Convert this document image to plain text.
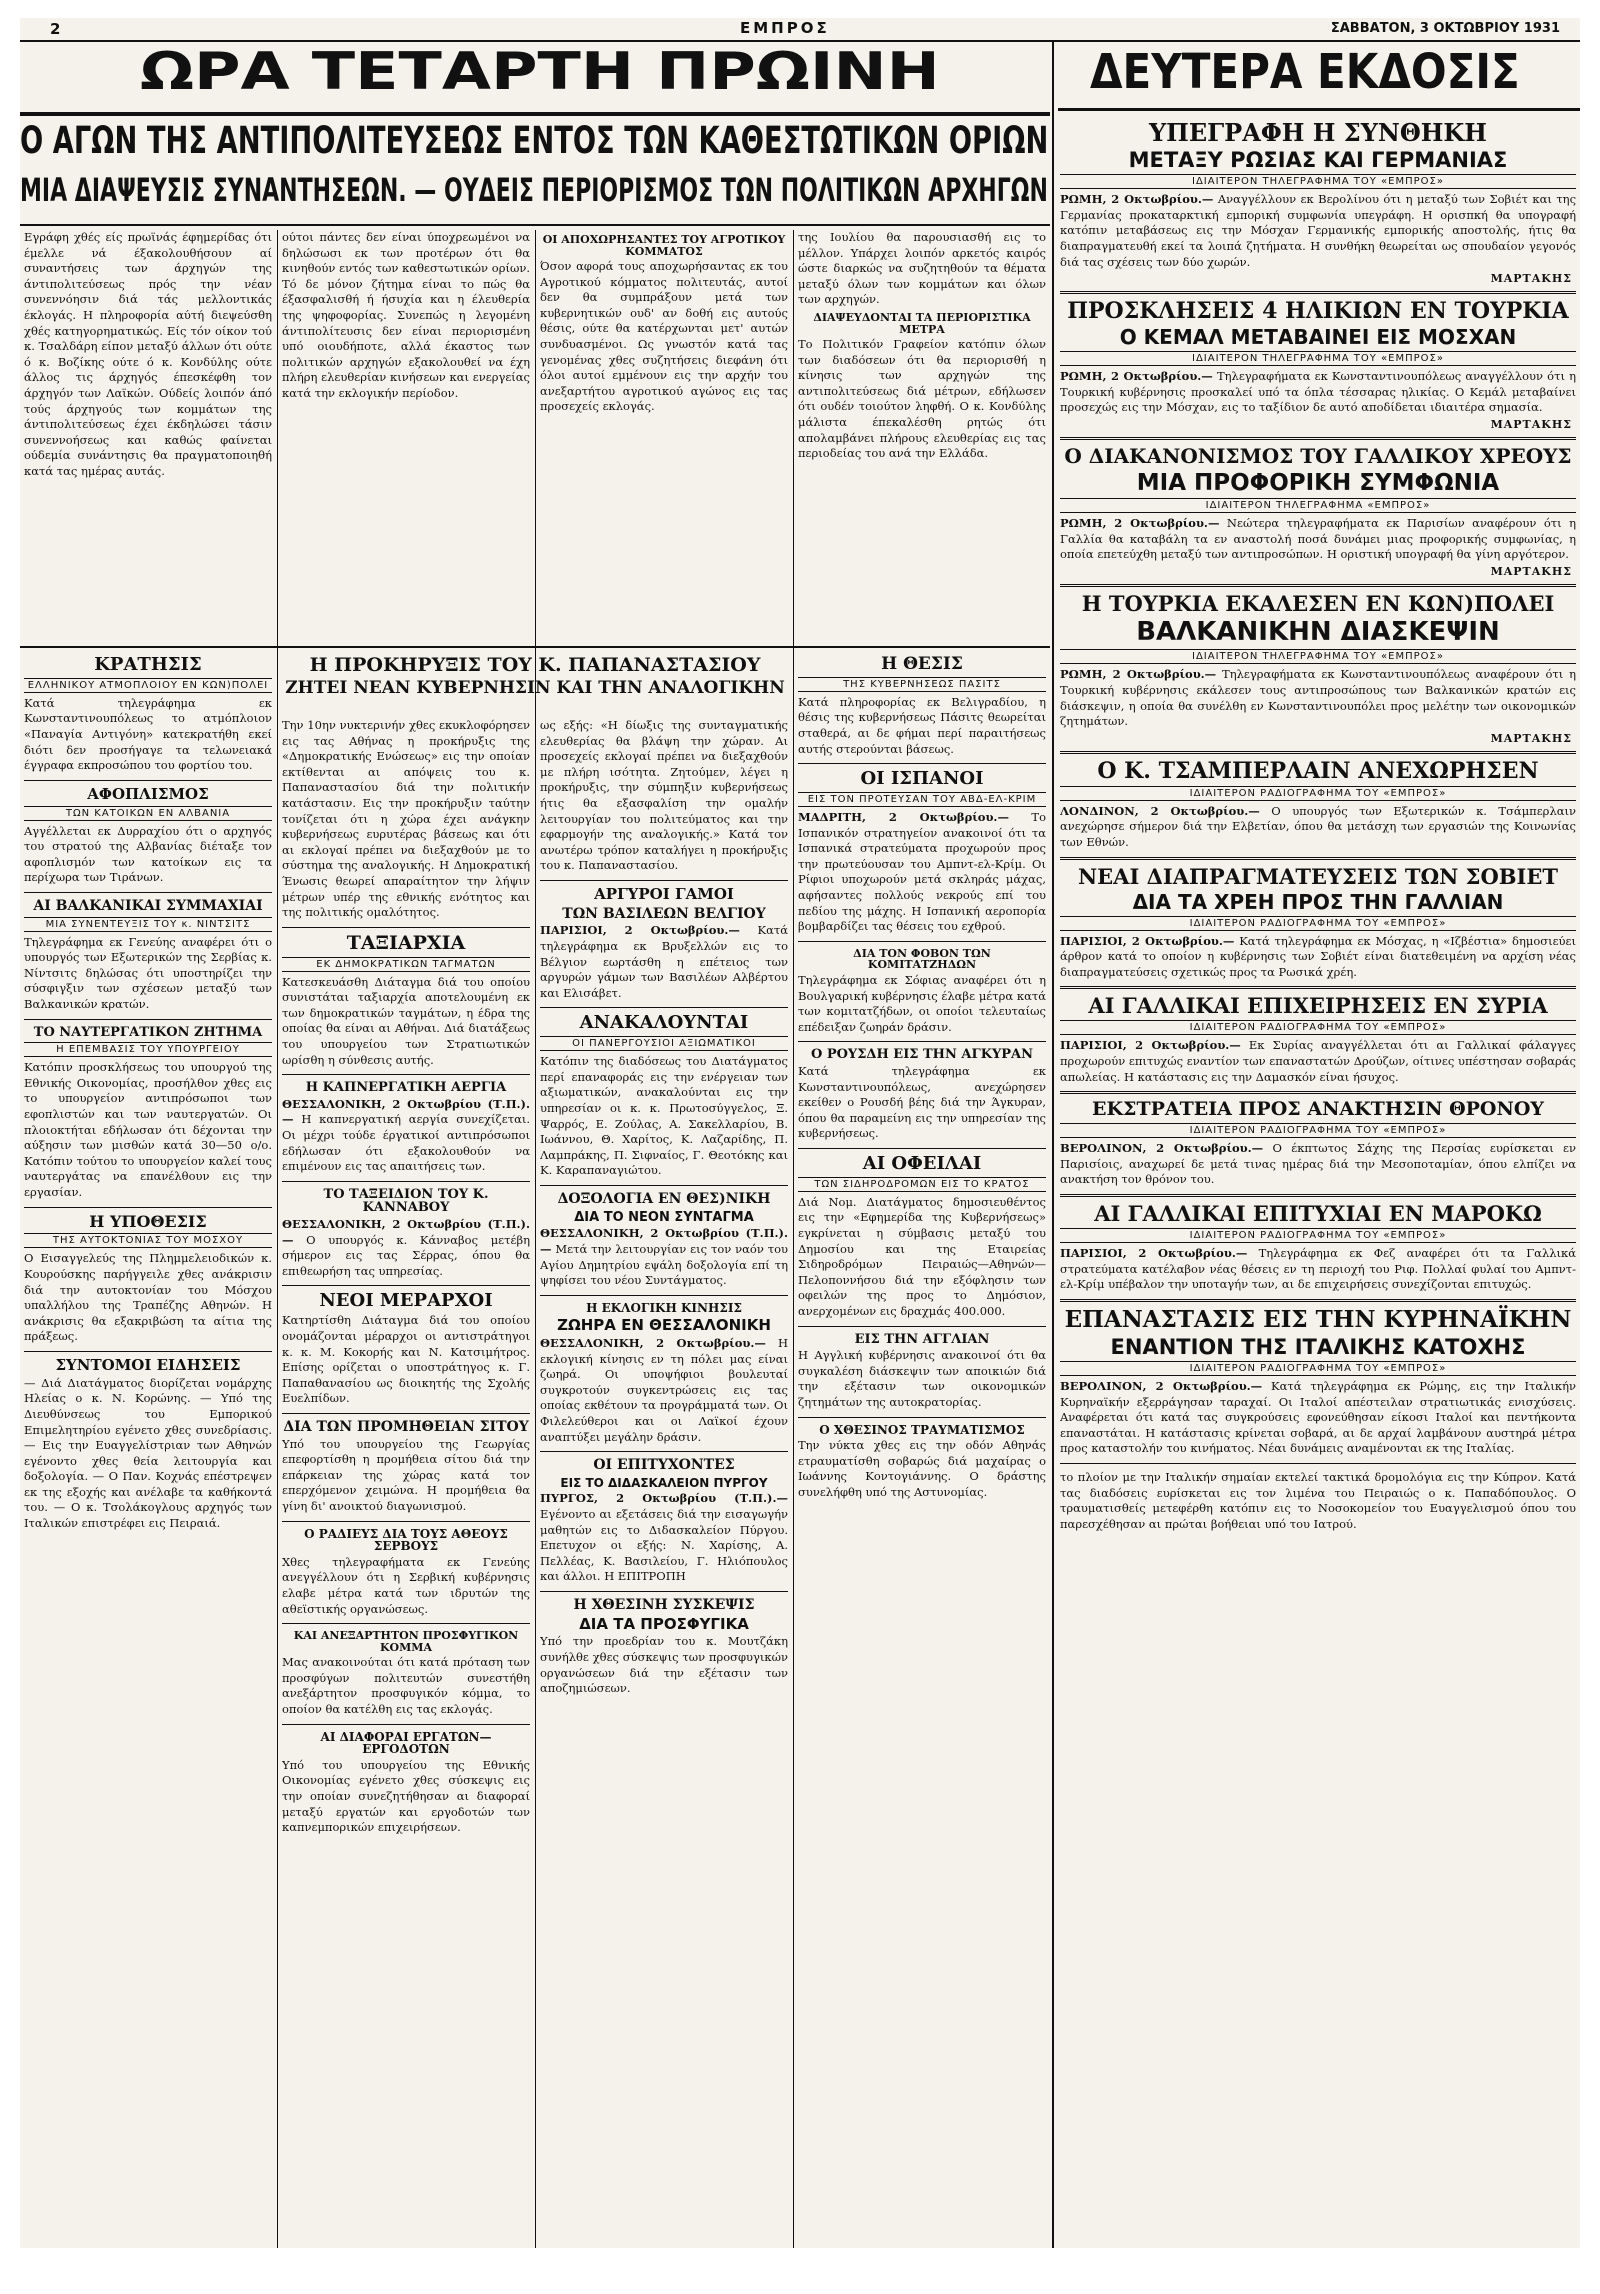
2	ΕΜΠΡΟΣ	ΣΑΒΒΑΤΟΝ, 3 ΟΚΤΩΒΡΙΟΥ 1931
ΩΡΑ ΤΕΤΑΡΤΗ ΠΡΩΙΝΗ	ΔΕΥΤΕΡΑ ΕΚΔΟΣΙΣ
Ο ΑΓΩΝ ΤΗΣ ΑΝΤΙΠΟΛΙΤΕΥΣΕΩΣ ΕΝΤΟΣ ΤΩΝ ΚΑΘΕΣΤΩΤΙΚΩΝ ΟΡΙΩΝ
ΜΙΑ ΔΙΑΨΕΥΣΙΣ ΣΥΝΑΝΤΗΣΕΩΝ. — ΟΥΔΕΙΣ ΠΕΡΙΟΡΙΣΜΟΣ ΤΩΝ ΠΟΛΙΤΙΚΩΝ ΑΡΧΗΓΩΝ

Εγράφη χθές είς πρωϊνάς έφημερίδας ότι έμελλε νά έξακολουθήσουν αί συναντήσεις των άρχηγών της άντιπολιτεύσεως πρός την νέαν συνεννόησιν διά τάς μελλοντικάς έκλογάς. Η πληροφορία αύτή διεψεύσθη χθές κατηγορηματικώς. Είς τόν οίκον τού κ. Τσαλδάρη είπον μεταξύ άλλων ότι ούτε ό κ. Βοζίκης ούτε ό κ. Κονδύλης ούτε άλλος τις άρχηγός έπεσκέφθη τον άρχηγόν των Λαϊκών. Ούδείς λοιπόν άπό τούς άρχηγούς των κομμάτων της άντιπολιτεύσεως έχει έκδηλώσει τάσιν συνεννοήσεως και καθώς φαίνεται ούδεμία συνάντησις θα πραγματοποιηθή κατά τας ημέρας αυτάς.

ούτοι πάντες δεν είναι ύποχρεωμένοι να δηλώσωσι εκ των προτέρων ότι θα κινηθούν εντός των καθεστωτικών ορίων. Τό δε μόνον ζήτημα είναι το πώς θα έξασφαλισθή ή ήσυχία και η έλευθερία της ψηφοφορίας. Συνεπώς η λεγομένη άντιπολίτευσις δεν είναι περιορισμένη υπό οιουδήποτε, αλλά έκαστος των πολιτικών αρχηγών εξακολουθεί να έχη πλήρη ελευθερίαν κινήσεων και ενεργείας κατά την εκλογικήν περίοδον.

ΟΙ ΑΠΟΧΩΡΗΣΑΝΤΕΣ ΤΟΥ ΑΓΡΟΤΙΚΟΥ ΚΟΜΜΑΤΟΣ

Όσον αφορά τους αποχωρήσαντας εκ του Αγροτικού κόμματος πολιτευτάς, αυτοί δεν θα συμπράξουν μετά των κυβερνητικών ουδ' αν δοθή εις αυτούς θέσις, ούτε θα κατέρχωνται μετ' αυτών συνδυασμένοι. Ως γνωστόν κατά τας γενομένας χθες συζητήσεις διεφάνη ότι όλοι αυτοί εμμένουν εις την αρχήν του ανεξαρτήτου αγροτικού αγώνος εις τας προσεχείς εκλογάς.

της Ιουλίου θα παρουσιασθή εις το μέλλον. Υπάρχει λοιπόν αρκετός καιρός ώστε διαρκώς να συζητηθούν τα θέματα μεταξύ όλων των κομμάτων και όλων των αρχηγών.

ΔΙΑΨΕΥΔΟΝΤΑΙ ΤΑ ΠΕΡΙΟΡΙΣΤΙΚΑ ΜΕΤΡΑ

Το Πολιτικόν Γραφείον κατόπιν όλων των διαδόσεων ότι θα περιορισθή η κίνησις των αρχηγών της αντιπολιτεύσεως διά μέτρων, εδήλωσεν ότι ουδέν τοιούτον ληφθή. Ο κ. Κονδύλης μάλιστα έπεκαλέσθη ρητώς ότι απολαμβάνει πλήρους ελευθερίας εις τας περιοδείας του ανά την Ελλάδα.

ΚΡΑΤΗΣΙΣ
ΕΛΛΗΝΙΚΟΥ ΑΤΜΟΠΛΟΙΟΥ ΕΝ ΚΩΝ)ΠΟΛΕΙ

Κατά τηλεγράφημα εκ Κωνσταντινουπόλεως το ατμόπλοιον «Παναγία Αντιγόνη» κατεκρατήθη εκεί διότι δεν προσήγαγε τα τελωνειακά έγγραφα εκπροσώπου του φορτίου του.

ΑΦΟΠΛΙΣΜΟΣ
ΤΩΝ ΚΑΤΟΙΚΩΝ ΕΝ ΑΛΒΑΝΙΑ

Αγγέλλεται εκ Δυρραχίου ότι ο αρχηγός του στρατού της Αλβανίας διέταξε τον αφοπλισμόν των κατοίκων εις τα περίχωρα των Τιράνων.

ΑΙ ΒΑΛΚΑΝΙΚΑΙ ΣΥΜΜΑΧΙΑΙ
ΜΙΑ ΣΥΝΕΝΤΕΥΞΙΣ ΤΟΥ κ. ΝΙΝΤΣΙΤΣ

Τηλεγράφημα εκ Γενεύης αναφέρει ότι ο υπουργός των Εξωτερικών της Σερβίας κ. Νίντσιτς δηλώσας ότι υποστηρίζει την σύσφιγξιν των σχέσεων μεταξύ των Βαλκανικών κρατών.

ΤΟ ΝΑΥΤΕΡΓΑΤΙΚΟΝ ΖΗΤΗΜΑ
Η ΕΠΕΜΒΑΣΙΣ ΤΟΥ ΥΠΟΥΡΓΕΙΟΥ

Κατόπιν προσκλήσεως του υπουργού της Εθνικής Οικονομίας, προσήλθον χθες εις το υπουργείον αντιπρόσωποι των εφοπλιστών και των ναυτεργατών. Οι πλοιοκτήται εδήλωσαν ότι δέχονται την αύξησιν των μισθών κατά 30—50 ο/ο. Κατόπιν τούτου το υπουργείον καλεί τους ναυτεργάτας να επανέλθουν εις την εργασίαν.

Η ΥΠΟΘΕΣΙΣ
ΤΗΣ ΑΥΤΟΚΤΟΝΙΑΣ ΤΟΥ ΜΟΣΧΟΥ

Ο Εισαγγελεύς της Πλημμελειοδικών κ. Κουρούσκης παρήγγειλε χθες ανάκρισιν διά την αυτοκτονίαν του Μόσχου υπαλλήλου της Τραπέζης Αθηνών. Η ανάκρισις θα εξακριβώση τα αίτια της πράξεως.

ΣΥΝΤΟΜΟΙ ΕΙΔΗΣΕΙΣ

— Διά Διατάγματος διορίζεται νομάρχης Ηλείας ο κ. Ν. Κορώνης. — Υπό της Διευθύνσεως του Εμπορικού Επιμελητηρίου εγένετο χθες συνεδρίασις. — Εις την Ευαγγελίστριαν των Αθηνών εγένοντο χθες θεία λειτουργία και δοξολογία. — Ο Παν. Κοχνάς επέστρεψεν εκ της εξοχής και ανέλαβε τα καθήκοντά του. — Ο κ. Τσολάκογλους αρχηγός των Ιταλικών επιστρέφει εις Πειραιά.

Η ΠΡΟΚΗΡΥΞΙΣ ΤΟΥ Κ. ΠΑΠΑΝΑΣΤΑΣΙΟΥ
ΖΗΤΕΙ ΝΕΑΝ ΚΥΒΕΡΝΗΣΙΝ ΚΑΙ ΤΗΝ ΑΝΑΛΟΓΙΚΗΝ

Την 10ην νυκτερινήν χθες εκυκλοφόρησεν εις τας Αθήνας η προκήρυξις της «Δημοκρατικής Ενώσεως» εις την οποίαν εκτίθενται αι απόψεις του κ. Παπαναστασίου διά την πολιτικήν κατάστασιν. Εις την προκήρυξιν ταύτην τονίζεται ότι η χώρα έχει ανάγκην κυβερνήσεως ευρυτέρας βάσεως και ότι αι εκλογαί πρέπει να διεξαχθούν με το σύστημα της αναλογικής. Η Δημοκρατική Ένωσις θεωρεί απαραίτητον την λήψιν μέτρων υπέρ της εθνικής ενότητος και της πολιτικής ομαλότητος.

ΤΑΞΙΑΡΧΙΑ
ΕΚ ΔΗΜΟΚΡΑΤΙΚΩΝ ΤΑΓΜΑΤΩΝ

Κατεσκευάσθη Διάταγμα διά του οποίου συνιστάται ταξιαρχία αποτελουμένη εκ των δημοκρατικών ταγμάτων, η έδρα της οποίας θα είναι αι Αθήναι. Διά διατάξεως του υπουργείου των Στρατιωτικών ωρίσθη η σύνθεσις αυτής.

Η ΚΑΠΝΕΡΓΑΤΙΚΗ ΑΕΡΓΙΑ

ΘΕΣΣΑΛΟΝΙΚΗ, 2 Οκτωβρίου (Τ.Π.).— Η καπνεργατική αεργία συνεχίζεται. Οι μέχρι τούδε έργατικοί αντιπρόσωποι εδήλωσαν ότι εξακολουθούν να επιμένουν εις τας απαιτήσεις των.

ΤΟ ΤΑΞΕΙΔΙΟΝ ΤΟΥ Κ. ΚΑΝΝΑΒΟΥ

ΘΕΣΣΑΛΟΝΙΚΗ, 2 Οκτωβρίου (Τ.Π.).— Ο υπουργός κ. Κάνναβος μετέβη σήμερον εις τας Σέρρας, όπου θα επιθεωρήση τας υπηρεσίας.

ΝΕΟΙ ΜΕΡΑΡΧΟΙ

Κατηρτίσθη Διάταγμα διά του οποίου ονομάζονται μέραρχοι οι αντιστράτηγοι κ. κ. Μ. Κοκορής και Ν. Κατσιμήτρος. Επίσης ορίζεται ο υποστράτηγος κ. Γ. Παπαθανασίου ως διοικητής της Σχολής Ευελπίδων.

ΔΙΑ ΤΩΝ ΠΡΟΜΗΘΕΙΑΝ ΣΙΤΟΥ

Υπό του υπουργείου της Γεωργίας επεφορτίσθη η προμήθεια σίτου διά την επάρκειαν της χώρας κατά τον επερχόμενον χειμώνα. Η προμήθεια θα γίνη δι' ανοικτού διαγωνισμού.

Ο ΡΑΔΙΕΥΣ ΔΙΑ ΤΟΥΣ ΑΘΕΟΥΣ ΣΕΡΒΟΥΣ

Χθες τηλεγραφήματα εκ Γενεύης ανεγγέλλουν ότι η Σερβική κυβέρνησις ελαβε μέτρα κατά των ιδρυτών της αθεϊστικής οργανώσεως.

ΚΑΙ ΑΝΕΞΑΡΤΗΤΟΝ ΠΡΟΣΦΥΓΙΚΟΝ ΚΟΜΜΑ

Μας ανακοινούται ότι κατά πρόταση των προσφύγων πολιτευτών συνεστήθη ανεξάρτητον προσφυγικόν κόμμα, το οποίον θα κατέλθη εις τας εκλογάς.

ΑΙ ΔΙΑΦΟΡΑΙ ΕΡΓΑΤΩΝ—ΕΡΓΟΔΟΤΩΝ

Υπό του υπουργείου της Εθνικής Οικονομίας εγένετο χθες σύσκεψις εις την οποίαν συνεζητήθησαν αι διαφοραί μεταξύ εργατών και εργοδοτών των καπνεμπορικών επιχειρήσεων.

ως εξής: «Η δίωξις της συνταγματικής ελευθερίας θα βλάψη την χώραν. Αι προσεχείς εκλογαί πρέπει να διεξαχθούν με πλήρη ισότητα. Ζητούμεν, λέγει η προκήρυξις, την σύμπηξιν κυβερνήσεως ήτις θα εξασφαλίση την ομαλήν λειτουργίαν του πολιτεύματος και την εφαρμογήν της αναλογικής.» Κατά τον ανωτέρω τρόπον καταλήγει η προκήρυξις του κ. Παπαναστασίου.

ΑΡΓΥΡΟΙ ΓΑΜΟΙ
ΤΩΝ ΒΑΣΙΛΕΩΝ ΒΕΛΓΙΟΥ

ΠΑΡΙΣΙΟΙ, 2 Οκτωβρίου.— Κατά τηλεγράφημα εκ Βρυξελλών εις το Βέλγιον εωρτάσθη η επέτειος των αργυρών γάμων των Βασιλέων Αλβέρτου και Ελισάβετ.

ΑΝΑΚΑΛΟΥΝΤΑΙ
ΟΙ ΠΑΝΕΡΓΟΥΣΙΟΙ ΑΞΙΩΜΑΤΙΚΟΙ

Κατόπιν της διαδόσεως του Διατάγματος περί επαναφοράς εις την ενέργειαν των αξιωματικών, ανακαλούνται εις την υπηρεσίαν οι κ. κ. Πρωτοσύγγελος, Ξ. Ψαρρός, Ε. Ζούλας, Α. Σακελλαρίου, Β. Ιωάννου, Θ. Χαρίτος, Κ. Λαζαρίδης, Π. Λαμπράκης, Π. Σιφναίος, Γ. Θεοτόκης και Κ. Καραπαναγιώτου.

ΔΟΞΟΛΟΓΙΑ ΕΝ ΘΕΣ)ΝΙΚΗ
ΔΙΑ ΤΟ ΝΕΟΝ ΣΥΝΤΑΓΜΑ

ΘΕΣΣΑΛΟΝΙΚΗ, 2 Οκτωβρίου (Τ.Π.).— Μετά την λειτουργίαν εις τον ναόν του Αγίου Δημητρίου εψάλη δοξολογία επί τη ψηφίσει του νέου Συντάγματος.

Η ΕΚΛΟΓΙΚΗ ΚΙΝΗΣΙΣ
ΖΩΗΡΑ ΕΝ ΘΕΣΣΑΛΟΝΙΚΗ

ΘΕΣΣΑΛΟΝΙΚΗ, 2 Οκτωβρίου.— Η εκλογική κίνησις εν τη πόλει μας είναι ζωηρά. Οι υποψήφιοι βουλευταί συγκροτούν συγκεντρώσεις εις τας οποίας εκθέτουν τα προγράμματά των. Οι Φιλελεύθεροι και οι Λαϊκοί έχουν αναπτύξει μεγάλην δράσιν.

ΟΙ ΕΠΙΤΥΧΟΝΤΕΣ
ΕΙΣ ΤΟ ΔΙΔΑΣΚΑΛΕΙΟΝ ΠΥΡΓΟΥ

ΠΥΡΓΟΣ, 2 Οκτωβρίου (Τ.Π.).— Εγένοντο αι εξετάσεις διά την εισαγωγήν μαθητών εις το Διδασκαλείον Πύργου. Επετυχον οι εξής: Ν. Χαρίσης, Α. Πελλέας, Κ. Βασιλείου, Γ. Ηλιόπουλος και άλλοι. Η ΕΠΙΤΡΟΠΗ

Η ΧΘΕΣΙΝΗ ΣΥΣΚΕΨΙΣ
ΔΙΑ ΤΑ ΠΡΟΣΦΥΓΙΚΑ

Υπό την προεδρίαν του κ. Μουτζάκη συνήλθε χθες σύσκεψις των προσφυγικών οργανώσεων διά την εξέτασιν των αποζημιώσεων.

Η ΘΕΣΙΣ
ΤΗΣ ΚΥΒΕΡΝΗΣΕΩΣ ΠΑΣΙΤΣ

Κατά πληροφορίας εκ Βελιγραδίου, η θέσις της κυβερνήσεως Πάσιτς θεωρείται σταθερά, αι δε φήμαι περί παραιτήσεως αυτής στερούνται βάσεως.

ΟΙ ΙΣΠΑΝΟΙ
ΕΙΣ ΤΟΝ ΠΡΟΤΕΥΣΑΝ ΤΟΥ ΑΒΔ-ΕΛ-ΚΡΙΜ

ΜΑΔΡΙΤΗ, 2 Οκτωβρίου.— Το Ισπανικόν στρατηγείον ανακοινοί ότι τα Ισπανικά στρατεύματα προχωρούν προς την πρωτεύουσαν του Αμπντ-ελ-Κρίμ. Οι Ρίφιοι υποχωρούν μετά σκληράς μάχας, αφήσαντες πολλούς νεκρούς επί του πεδίου της μάχης. Η Ισπανική αεροπορία βομβαρδίζει τας θέσεις του εχθρού.

ΔΙΑ ΤΟΝ ΦΟΒΟΝ ΤΩΝ ΚΟΜΙΤΑΤΖΗΔΩΝ

Τηλεγράφημα εκ Σόφιας αναφέρει ότι η Βουλγαρική κυβέρνησις έλαβε μέτρα κατά των κομιτατζήδων, οι οποίοι τελευταίως επέδειξαν ζωηράν δράσιν.

Ο ΡΟΥΣΔΗ ΕΙΣ ΤΗΝ ΑΓΚΥΡΑΝ

Κατά τηλεγράφημα εκ Κωνσταντινουπόλεως, ανεχώρησεν εκείθεν ο Ρουσδή βέης διά την Άγκυραν, όπου θα παραμείνη εις την υπηρεσίαν της κυβερνήσεως.

ΑΙ ΟΦΕΙΛΑΙ
ΤΩΝ ΣΙΔΗΡΟΔΡΟΜΩΝ ΕΙΣ ΤΟ ΚΡΑΤΟΣ

Διά Νομ. Διατάγματος δημοσιευθέντος εις την «Εφημερίδα της Κυβερνήσεως» εγκρίνεται η σύμβασις μεταξύ του Δημοσίου και της Εταιρείας Σιδηροδρόμων Πειραιώς—Αθηνών—Πελοποννήσου διά την εξόφλησιν των οφειλών της προς το Δημόσιον, ανερχομένων εις δραχμάς 400.000.

ΕΙΣ ΤΗΝ ΑΓΓΛΙΑΝ

Η Αγγλική κυβέρνησις ανακοινοί ότι θα συγκαλέση διάσκεψιν των αποικιών διά την εξέτασιν των οικονομικών ζητημάτων της αυτοκρατορίας.

Ο ΧΘΕΣΙΝΟΣ ΤΡΑΥΜΑΤΙΣΜΟΣ

Την νύκτα χθες εις την οδόν Αθηνάς ετραυματίσθη σοβαρώς διά μαχαίρας ο Ιωάννης Κοντογιάννης. Ο δράστης συνελήφθη υπό της Αστυνομίας.

ΥΠΕΓΡΑΦΗ Η ΣΥΝΘΗΚΗ
ΜΕΤΑΞΥ ΡΩΣΙΑΣ ΚΑΙ ΓΕΡΜΑΝΙΑΣ
ΙΔΙΑΙΤΕΡΟΝ ΤΗΛΕΓΡΑΦΗΜΑ ΤΟΥ «ΕΜΠΡΟΣ»

ΡΩΜΗ, 2 Οκτωβρίου.— Αναγγέλλουν εκ Βερολίνου ότι η μεταξύ των Σοβιέτ και της Γερμανίας προκαταρκτική εμπορική συμφωνία υπεγράφη. Η ορισπκή θα υπογραφή κατόπιν μεταβάσεως εις την Μόσχαν Γερμανικής εμπορικής αποστολής, ήτις θα διαπραγματευθή εκεί τα λοιπά ζητήματα. Η συνθήκη θεωρείται ως σπουδαίον γεγονός διά τας σχέσεις των δύο χωρών.

ΜΑΡΤΑΚΗΣ
ΠΡΟΣΚΛΗΣΕΙΣ 4 ΗΛΙΚΙΩΝ ΕΝ ΤΟΥΡΚΙΑ
Ο ΚΕΜΑΛ ΜΕΤΑΒΑΙΝΕΙ ΕΙΣ ΜΟΣΧΑΝ
ΙΔΙΑΙΤΕΡΟΝ ΤΗΛΕΓΡΑΦΗΜΑ ΤΟΥ «ΕΜΠΡΟΣ»

ΡΩΜΗ, 2 Οκτωβρίου.— Τηλεγραφήματα εκ Κωνσταντινουπόλεως αναγγέλλουν ότι η Τουρκική κυβέρνησις προσκαλεί υπό τα όπλα τέσσαρας ηλικίας. Ο Κεμάλ μεταβαίνει προσεχώς εις την Μόσχαν, εις το ταξίδιον δε αυτό αποδίδεται ιδιαιτέρα σημασία.

ΜΑΡΤΑΚΗΣ
Ο ΔΙΑΚΑΝΟΝΙΣΜΟΣ ΤΟΥ ΓΑΛΛΙΚΟΥ ΧΡΕΟΥΣ
ΜΙΑ ΠΡΟΦΟΡΙΚΗ ΣΥΜΦΩΝΙΑ
ΙΔΙΑΙΤΕΡΟΝ ΤΗΛΕΓΡΑΦΗΜΑ «ΕΜΠΡΟΣ»

ΡΩΜΗ, 2 Οκτωβρίου.— Νεώτερα τηλεγραφήματα εκ Παρισίων αναφέρουν ότι η Γαλλία θα καταβάλη τα εν αναστολή ποσά δυνάμει μιας προφορικής συμφωνίας, η οποία επετεύχθη μεταξύ των αντιπροσώπων. Η οριστική υπογραφή θα γίνη αργότερον.

ΜΑΡΤΑΚΗΣ
Η ΤΟΥΡΚΙΑ ΕΚΑΛΕΣΕΝ ΕΝ ΚΩΝ)ΠΟΛΕΙ
ΒΑΛΚΑΝΙΚΗΝ ΔΙΑΣΚΕΨΙΝ
ΙΔΙΑΙΤΕΡΟΝ ΤΗΛΕΓΡΑΦΗΜΑ ΤΟΥ «ΕΜΠΡΟΣ»

ΡΩΜΗ, 2 Οκτωβρίου.— Τηλεγραφήματα εκ Κωνσταντινουπόλεως αναφέρουν ότι η Τουρκική κυβέρνησις εκάλεσεν τους αντιπροσώπους των Βαλκανικών κρατών εις διάσκεψιν, η οποία θα συνέλθη εν Κωνσταντινουπόλει προς μελέτην των οικονομικών ζητημάτων.

ΜΑΡΤΑΚΗΣ
Ο Κ. ΤΣΑΜΠΕΡΛΑΙΝ ΑΝΕΧΩΡΗΣΕΝ
ΙΔΙΑΙΤΕΡΟΝ ΡΑΔΙΟΓΡΑΦΗΜΑ ΤΟΥ «ΕΜΠΡΟΣ»

ΛΟΝΔΙΝΟΝ, 2 Οκτωβρίου.— Ο υπουργός των Εξωτερικών κ. Τσάμπερλαιν ανεχώρησε σήμερον διά την Ελβετίαν, όπου θα μετάσχη των εργασιών της Κοινωνίας των Εθνών.

ΝΕΑΙ ΔΙΑΠΡΑΓΜΑΤΕΥΣΕΙΣ ΤΩΝ ΣΟΒΙΕΤ
ΔΙΑ ΤΑ ΧΡΕΗ ΠΡΟΣ ΤΗΝ ΓΑΛΛΙΑΝ
ΙΔΙΑΙΤΕΡΟΝ ΡΑΔΙΟΓΡΑΦΗΜΑ ΤΟΥ «ΕΜΠΡΟΣ»

ΠΑΡΙΣΙΟΙ, 2 Οκτωβρίου.— Κατά τηλεγράφημα εκ Μόσχας, η «Ιζβέστια» δημοσιεύει άρθρον κατά το οποίον η κυβέρνησις των Σοβιέτ είναι διατεθειμένη να αρχίση νέας διαπραγματεύσεις σχετικώς προς τα Ρωσικά χρέη.

ΑΙ ΓΑΛΛΙΚΑΙ ΕΠΙΧΕΙΡΗΣΕΙΣ ΕΝ ΣΥΡΙΑ
ΙΔΙΑΙΤΕΡΟΝ ΡΑΔΙΟΓΡΑΦΗΜΑ ΤΟΥ «ΕΜΠΡΟΣ»

ΠΑΡΙΣΙΟΙ, 2 Οκτωβρίου.— Εκ Συρίας αναγγέλλεται ότι αι Γαλλικαί φάλαγγες προχωρούν επιτυχώς εναντίον των επαναστατών Δρούζων, οίτινες υπέστησαν σοβαράς απωλείας. Η κατάστασις εις την Δαμασκόν είναι ήσυχος.

ΕΚΣΤΡΑΤΕΙΑ ΠΡΟΣ ΑΝΑΚΤΗΣΙΝ ΘΡΟΝΟΥ
ΙΔΙΑΙΤΕΡΟΝ ΡΑΔΙΟΓΡΑΦΗΜΑ ΤΟΥ «ΕΜΠΡΟΣ»

ΒΕΡΟΛΙΝΟΝ, 2 Οκτωβρίου.— Ο έκπτωτος Σάχης της Περσίας ευρίσκεται εν Παρισίοις, αναχωρεί δε μετά τινας ημέρας διά την Μεσοποταμίαν, όπου ελπίζει να ανακτήση τον θρόνον του.

ΑΙ ΓΑΛΛΙΚΑΙ ΕΠΙΤΥΧΙΑΙ ΕΝ ΜΑΡΟΚΩ
ΙΔΙΑΙΤΕΡΟΝ ΡΑΔΙΟΓΡΑΦΗΜΑ ΤΟΥ «ΕΜΠΡΟΣ»

ΠΑΡΙΣΙΟΙ, 2 Οκτωβρίου.— Τηλεγράφημα εκ Φεζ αναφέρει ότι τα Γαλλικά στρατεύματα κατέλαβον νέας θέσεις εν τη περιοχή του Ριφ. Πολλαί φυλαί του Αμπντ-ελ-Κρίμ υπέβαλον την υποταγήν των, αι δε επιχειρήσεις συνεχίζονται επιτυχώς.

ΕΠΑΝΑΣΤΑΣΙΣ ΕΙΣ ΤΗΝ ΚΥΡΗΝΑΪΚΗΝ
ΕΝΑΝΤΙΟΝ ΤΗΣ ΙΤΑΛΙΚΗΣ ΚΑΤΟΧΗΣ
ΙΔΙΑΙΤΕΡΟΝ ΡΑΔΙΟΓΡΑΦΗΜΑ ΤΟΥ «ΕΜΠΡΟΣ»

ΒΕΡΟΛΙΝΟΝ, 2 Οκτωβρίου.— Κατά τηλεγράφημα εκ Ρώμης, εις την Ιταλικήν Κυρηναϊκήν εξερράγησαν ταραχαί. Οι Ιταλοί απέστειλαν στρατιωτικάς ενισχύσεις. Αναφέρεται ότι κατά τας συγκρούσεις εφονεύθησαν είκοσι Ιταλοί και πεντήκοντα επαναστάται. Η κατάστασις κρίνεται σοβαρά, αι δε αρχαί λαμβάνουν αυστηρά μέτρα προς καταστολήν του κινήματος. Νέαι δυνάμεις αναμένονται εκ της Ιταλίας.

το πλοίον με την Ιταλικήν σημαίαν εκτελεί τακτικά δρομολόγια εις την Κύπρον. Κατά τας διαδόσεις ευρίσκεται εις τον λιμένα του Πειραιώς ο κ. Παπαδόπουλος. Ο τραυματισθείς μετεφέρθη κατόπιν εις το Νοσοκομείον του Ευαγγελισμού όπου του παρεσχέθησαν αι πρώται βοήθειαι υπό του Ιατρού.
